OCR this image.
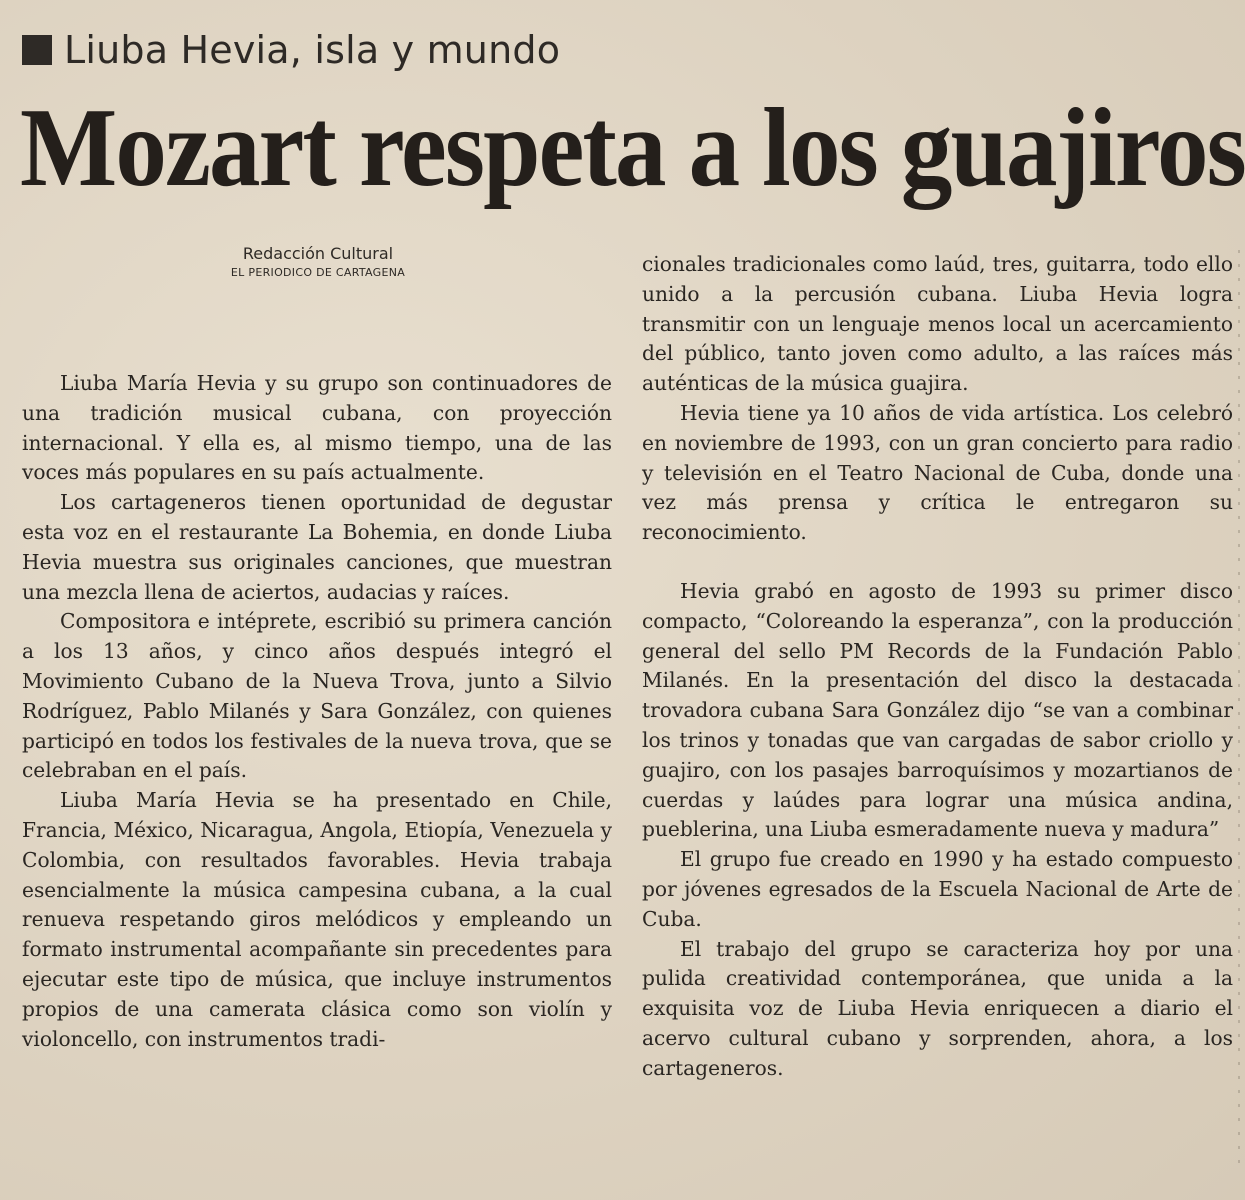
Liuba Hevia, isla y mundo
Mozart respeta a los guajiros
Redacción Cultural
EL PERIODICO DE CARTAGENA

Liuba María Hevia y su grupo son continuadores de una tradición musical cubana, con proyección internacional. Y ella es, al mismo tiempo, una de las voces más populares en su país actualmente.

Los cartageneros tienen oportunidad de degustar esta voz en el restaurante La Bohemia, en donde Liuba Hevia muestra sus originales canciones, que muestran una mezcla llena de aciertos, audacias y raíces.

Compositora e intéprete, escribió su primera canción a los 13 años, y cinco años después integró el Movimiento Cubano de la Nueva Trova, junto a Silvio Rodríguez, Pablo Milanés y Sara González, con quienes participó en todos los festivales de la nueva trova, que se celebraban en el país.

Liuba María Hevia se ha presentado en Chile, Francia, México, Nicaragua, Angola, Etiopía, Venezuela y Colombia, con resultados favorables. Hevia trabaja esencialmente la música campesina cubana, a la cual renueva respetando giros melódicos y empleando un formato instrumental acompañante sin precedentes para ejecutar este tipo de música, que incluye instrumentos propios de una camerata clásica como son violín y violoncello, con instrumentos tradi-

cionales tradicionales como laúd, tres, guitarra, todo ello unido a la percusión cubana. Liuba Hevia logra transmitir con un lenguaje menos local un acercamiento del público, tanto joven como adulto, a las raíces más auténticas de la música guajira.

Hevia tiene ya 10 años de vida artística. Los celebró en noviembre de 1993, con un gran concierto para radio y televisión en el Teatro Nacional de Cuba, donde una vez más prensa y crítica le entregaron su reconocimiento.

Hevia grabó en agosto de 1993 su primer disco compacto, “Coloreando la esperanza”, con la producción general del sello PM Records de la Fundación Pablo Milanés. En la presentación del disco la destacada trovadora cubana Sara González dijo “se van a combinar los trinos y tonadas que van cargadas de sabor criollo y guajiro, con los pasajes barroquísimos y mozartianos de cuerdas y laúdes para lograr una música andina, pueblerina, una Liuba esmeradamente nueva y madura”

El grupo fue creado en 1990 y ha estado compuesto por jóvenes egresados de la Escuela Nacional de Arte de Cuba.

El trabajo del grupo se caracteriza hoy por una pulida creatividad contemporánea, que unida a la exquisita voz de Liuba Hevia enriquecen a diario el acervo cultural cubano y sorprenden, ahora, a los cartageneros.
